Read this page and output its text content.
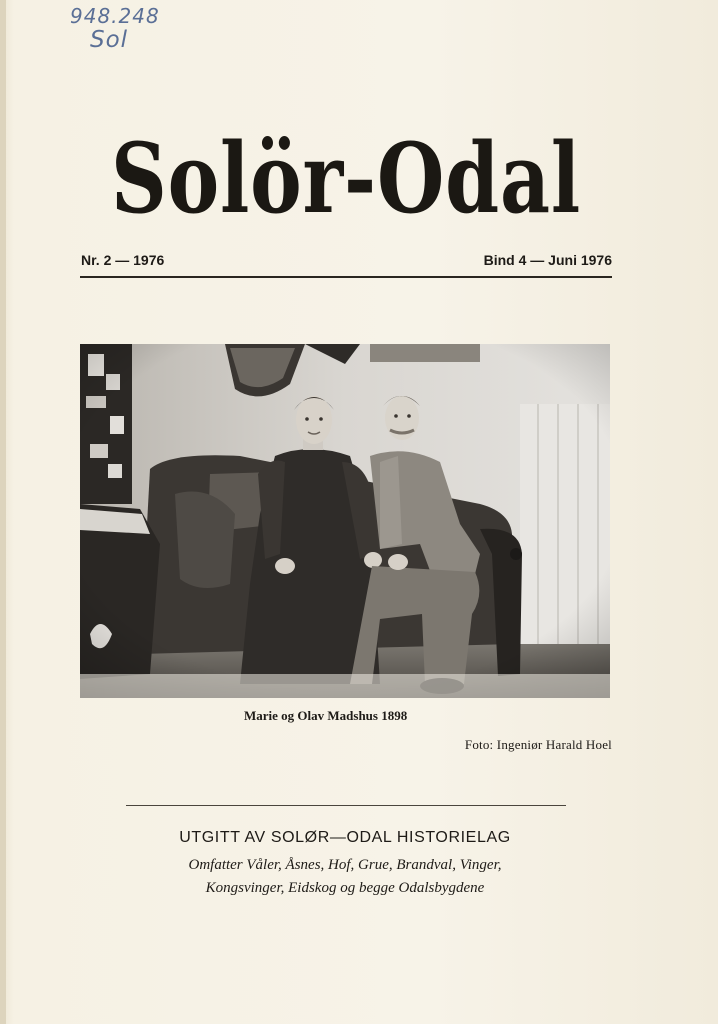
948.248
Sol
Solör-Odal
Nr. 2 — 1976	Bind 4 — Juni 1976
Marie og Olav Madshus 1898
Foto: Ingeniør Harald Hoel
UTGITT AV SOLØR—ODAL HISTORIELAG
Omfatter Våler, Åsnes, Hof, Grue, Brandval, Vinger,
Kongsvinger, Eidskog og begge Odalsbygdene
